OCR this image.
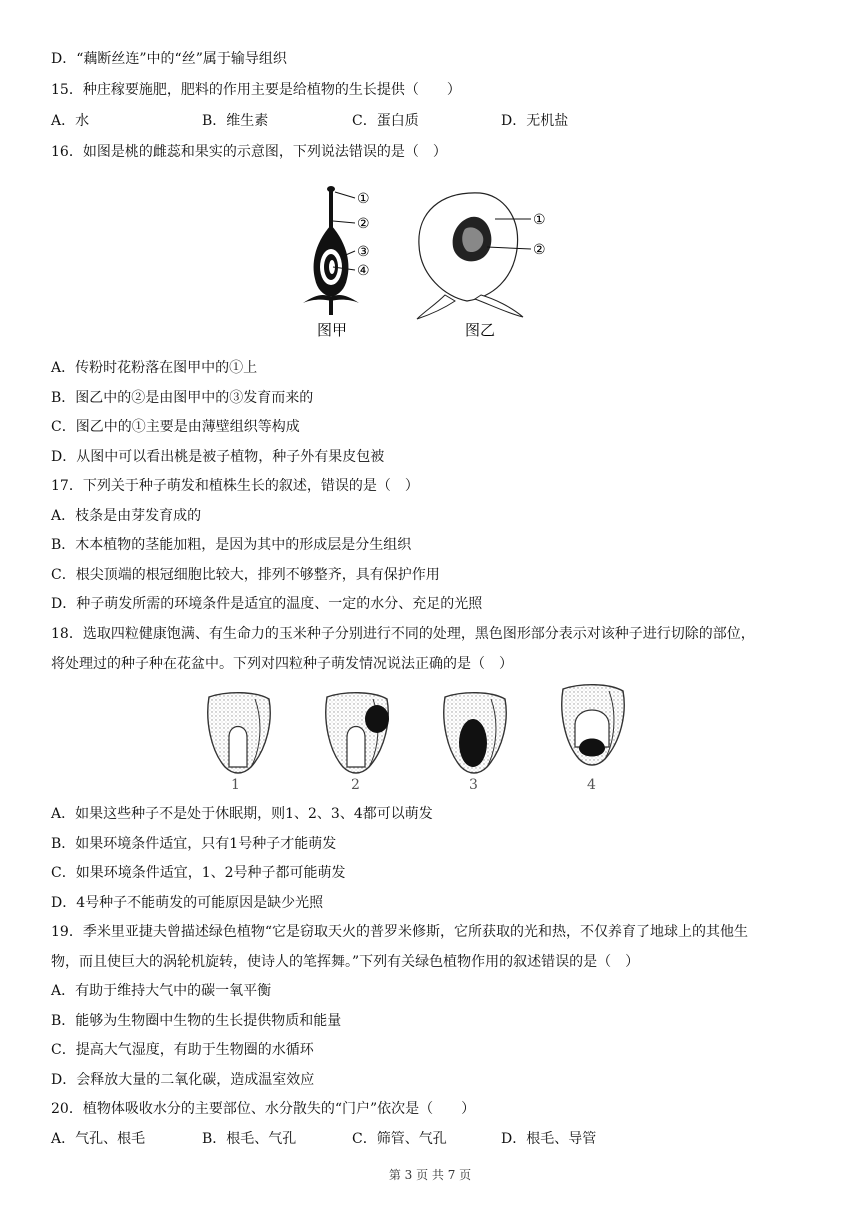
D．“藕断丝连”中的“丝”属于输导组织
15．种庄稼要施肥，肥料的作用主要是给植物的生长提供（　　）
A．水	B．维生素	C．蛋白质	D．无机盐
16．如图是桃的雌蕊和果实的示意图，下列说法错误的是（　）
①
②
③
④
图甲
①
②
图乙
A．传粉时花粉落在图甲中的①上
B．图乙中的②是由图甲中的③发育而来的
C．图乙中的①主要是由薄壁组织等构成
D．从图中可以看出桃是被子植物，种子外有果皮包被
17．下列关于种子萌发和植株生长的叙述，错误的是（　）
A．枝条是由芽发育成的
B．木本植物的茎能加粗，是因为其中的形成层是分生组织
C．根尖顶端的根冠细胞比较大，排列不够整齐，具有保护作用
D．种子萌发所需的环境条件是适宜的温度、一定的水分、充足的光照
18．选取四粒健康饱满、有生命力的玉米种子分别进行不同的处理，黑色图形部分表示对该种子进行切除的部位，
将处理过的种子种在花盆中。下列对四粒种子萌发情况说法正确的是（　）
1	2	3	4
A．如果这些种子不是处于休眠期，则1、2、3、4都可以萌发
B．如果环境条件适宜，只有1号种子才能萌发
C．如果环境条件适宜，1、2号种子都可能萌发
D．4号种子不能萌发的可能原因是缺少光照
19．季米里亚捷夫曾描述绿色植物“它是窃取天火的普罗米修斯，它所获取的光和热，不仅养育了地球上的其他生
物，而且使巨大的涡轮机旋转，使诗人的笔挥舞。”下列有关绿色植物作用的叙述错误的是（　）
A．有助于维持大气中的碳一氧平衡
B．能够为生物圈中生物的生长提供物质和能量
C．提高大气湿度，有助于生物圈的水循环
D．会释放大量的二氧化碳，造成温室效应
20．植物体吸收水分的主要部位、水分散失的“门户”依次是（　　）
A．气孔、根毛	B．根毛、气孔	C．筛管、气孔	D．根毛、导管
第 3 页 共 7 页
